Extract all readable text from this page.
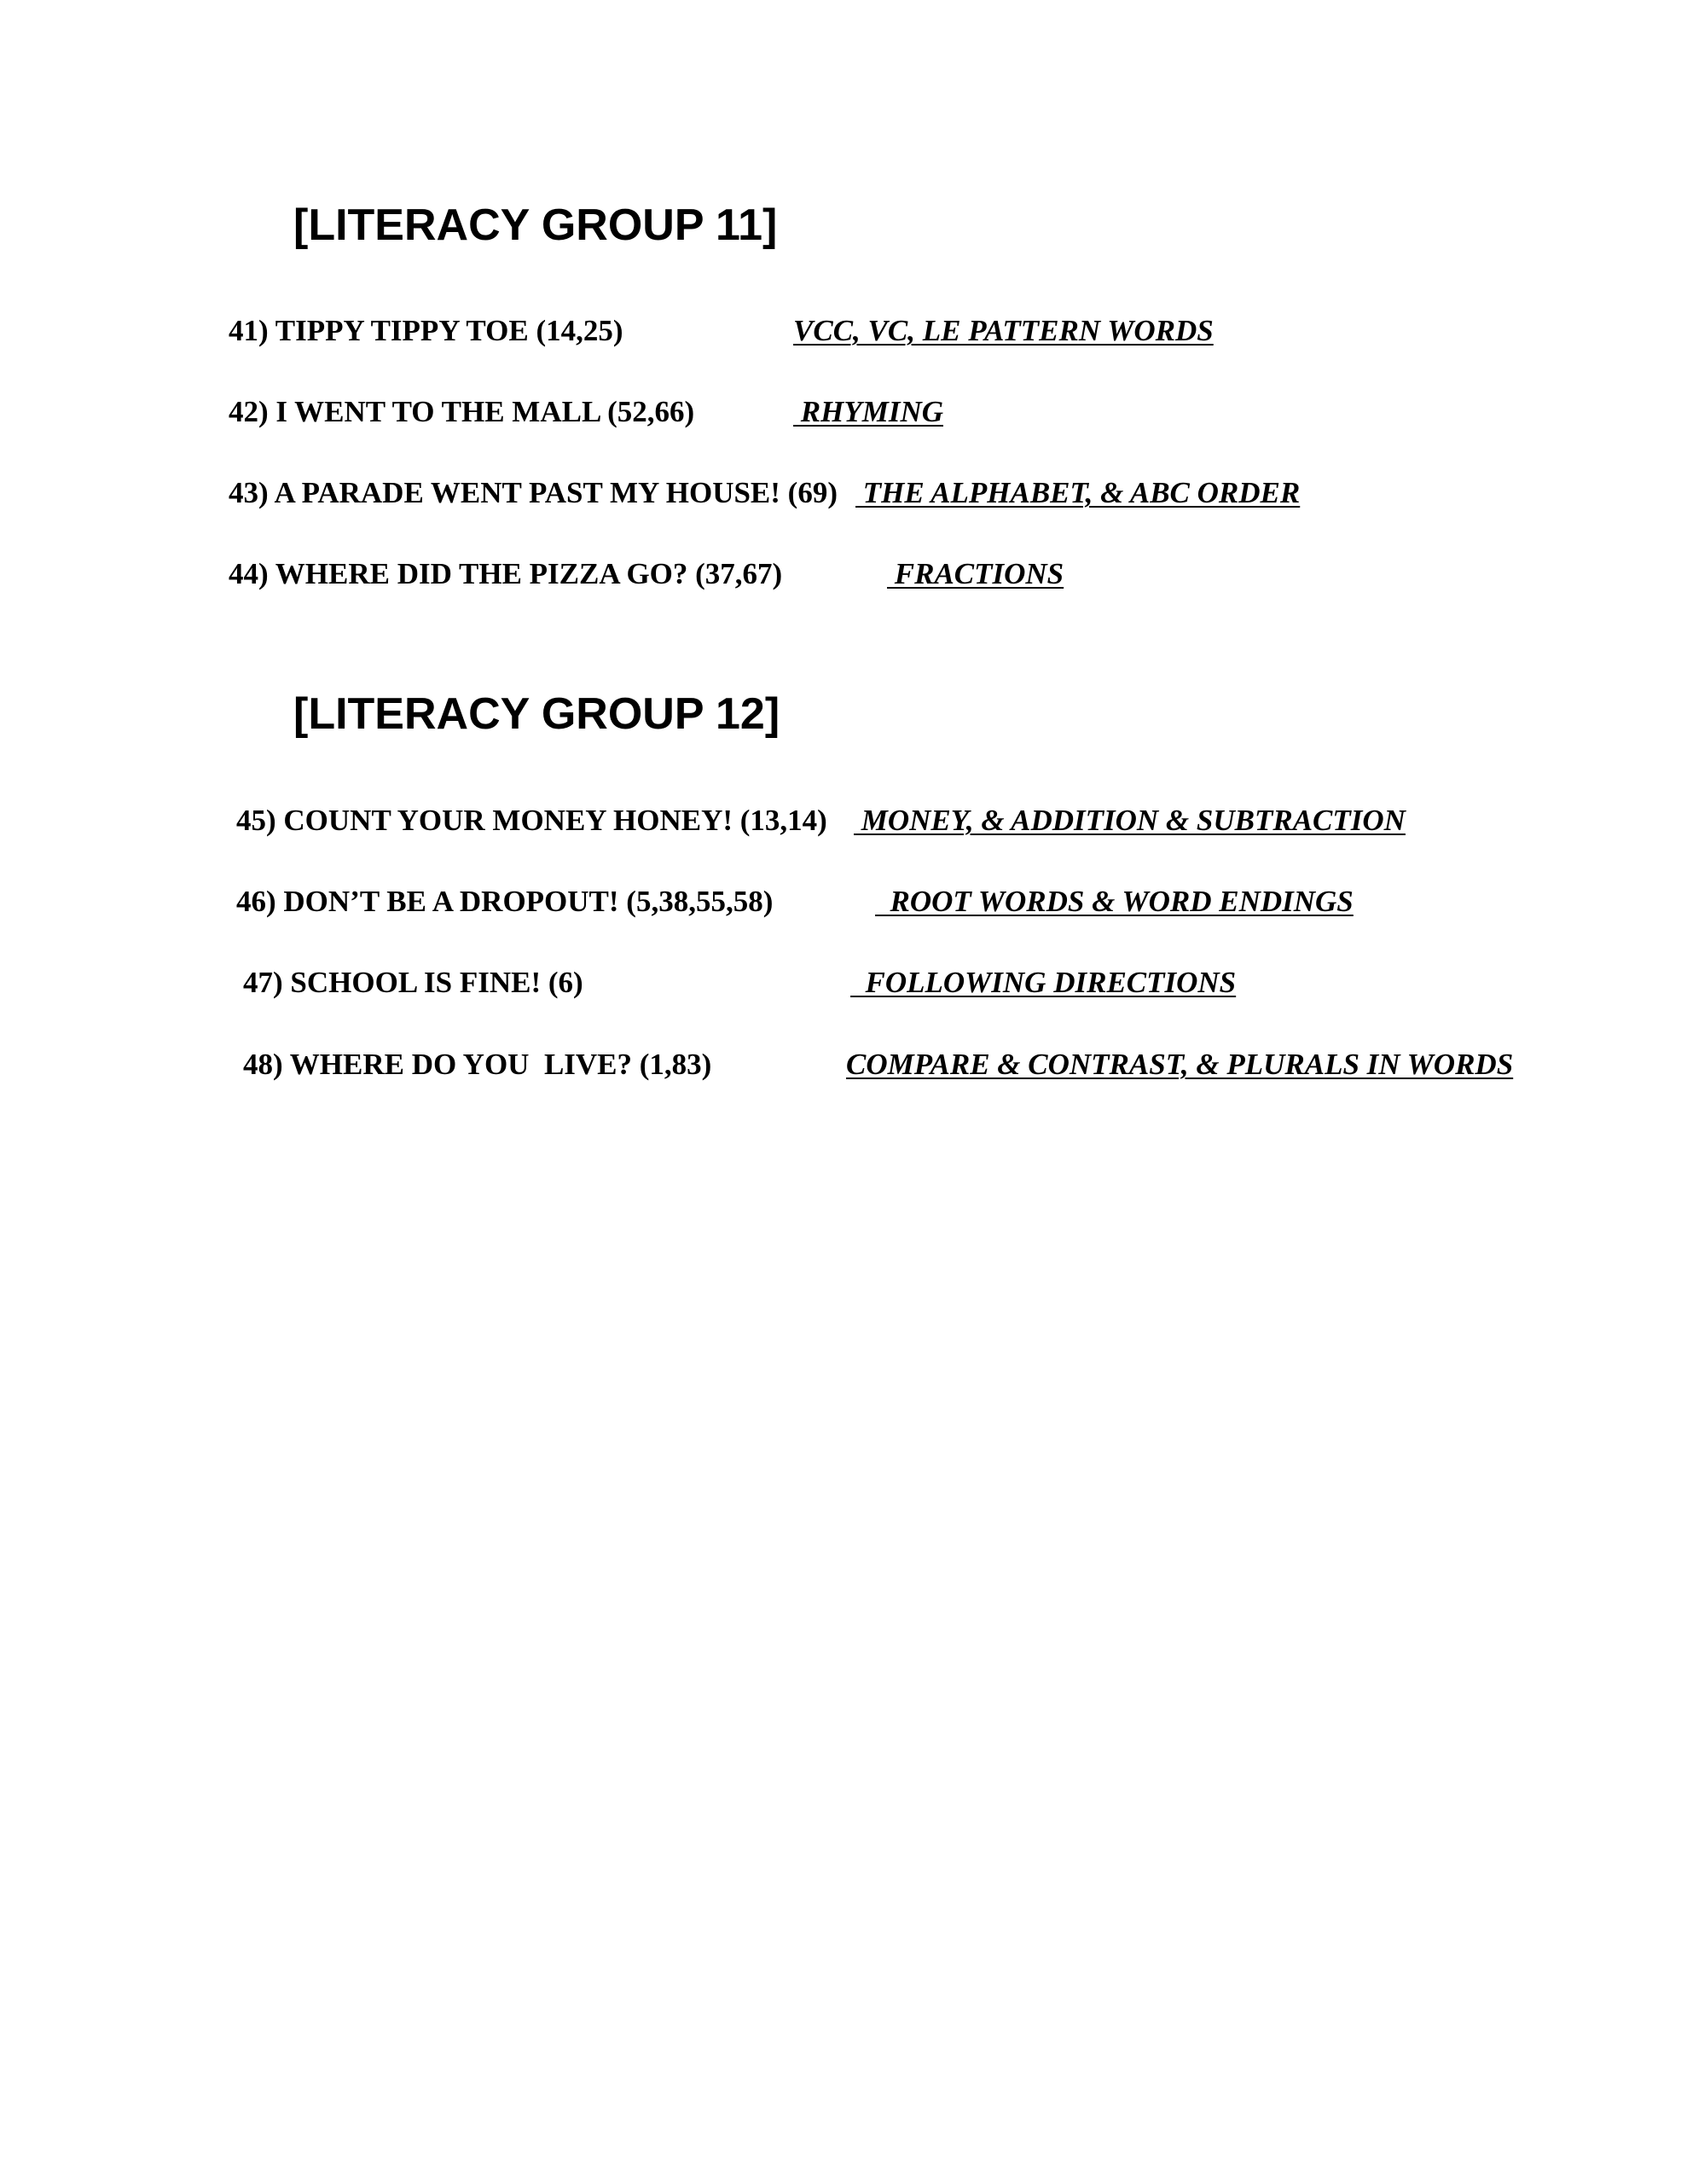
[LITERACY GROUP 11]
41) TIPPY TIPPY TOE (14,25)	VCC, VC, LE PATTERN WORDS
42) I WENT TO THE MALL (52,66)	RHYMING
43) A PARADE WENT PAST MY HOUSE! (69) THE ALPHABET, & ABC ORDER
44) WHERE DID THE PIZZA GO? (37,67)	FRACTIONS
[LITERACY GROUP 12]
45) COUNT YOUR MONEY HONEY! (13,14) MONEY, & ADDITION & SUBTRACTION
46) DON’T BE A DROPOUT! (5,38,55,58)	ROOT WORDS & WORD ENDINGS
47) SCHOOL IS FINE! (6)	FOLLOWING DIRECTIONS
48) WHERE DO YOU  LIVE? (1,83)	COMPARE & CONTRAST, & PLURALS IN WORDS
